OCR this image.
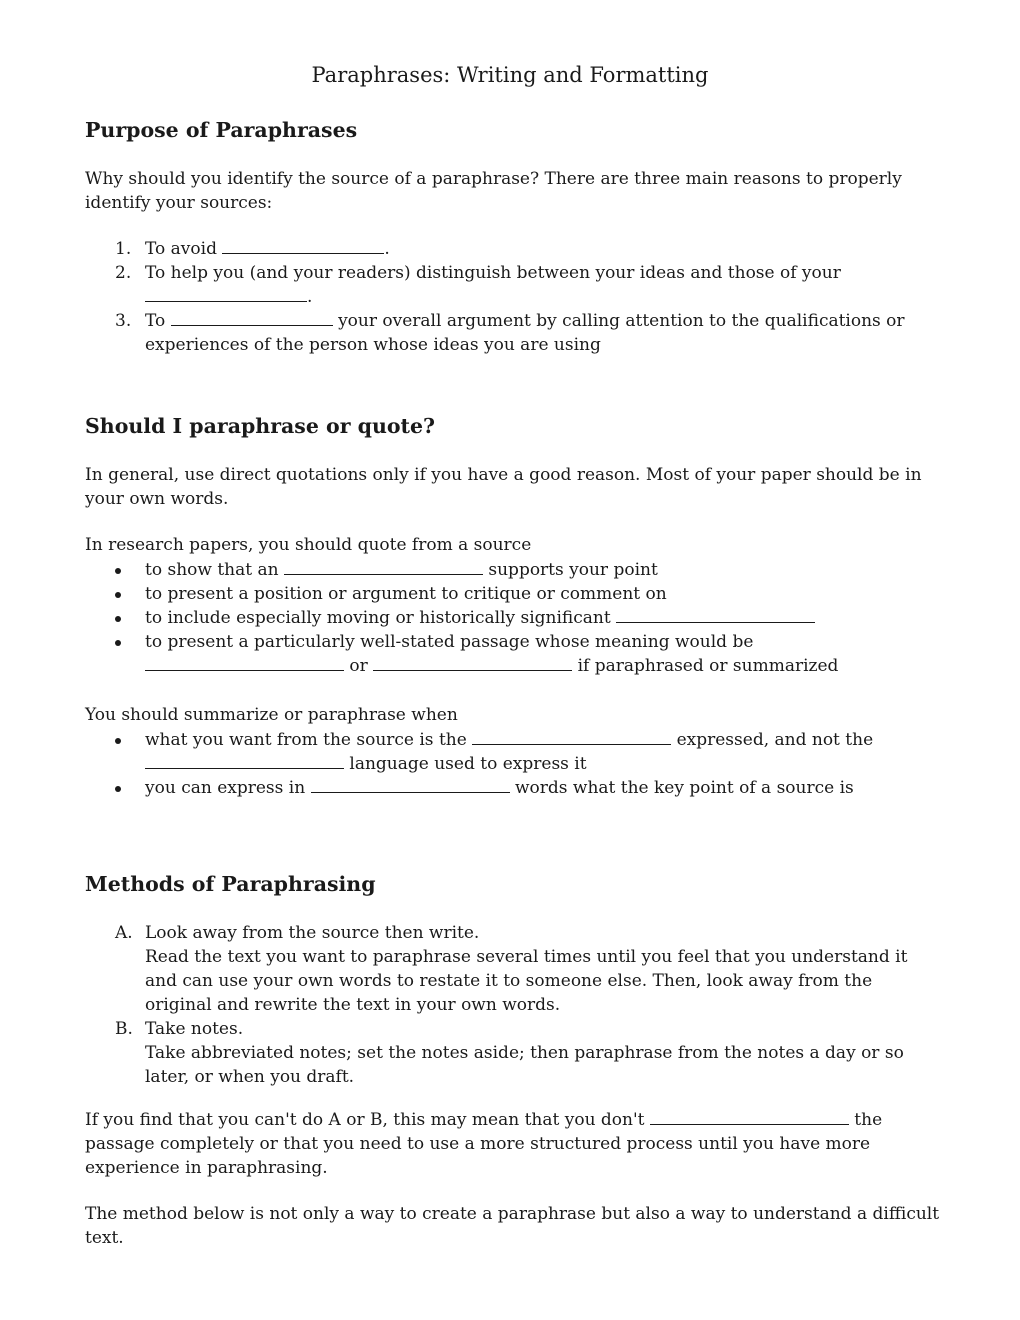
Paraphrases: Writing and Formatting
Purpose of Paraphrases

Why should you identify the source of a paraphrase? There are three main reasons to properly identify your sources:

1. To avoid	.
2. To help you (and your readers) distinguish between your ideas and those of your .
3. To	your overall argument by calling attention to the qualifications or experiences of the person whose ideas you are using
Should I paraphrase or quote?

In general, use direct quotations only if you have a good reason. Most of your paper should be in your own words.

In research papers, you should quote from a source

to show that an	supports your point
to present a position or argument to critique or comment on
to include especially moving or historically significant
to present a particularly well-stated passage whose meaning would be  or	if paraphrased or summarized

You should summarize or paraphrase when

what you want from the source is the	expressed, and not the  language used to express it
you can express in	words what the key point of a source is
Methods of Paraphrasing
A. Look away from the source then write.
Read the text you want to paraphrase several times until you feel that you understand it and can use your own words to restate it to someone else. Then, look away from the original and rewrite the text in your own words.
B. Take notes.
Take abbreviated notes; set the notes aside; then paraphrase from the notes a day or so later, or when you draft.

If you find that you can't do A or B, this may mean that you don't	the passage completely or that you need to use a more structured process until you have more experience in paraphrasing.

The method below is not only a way to create a paraphrase but also a way to understand a difficult text.
